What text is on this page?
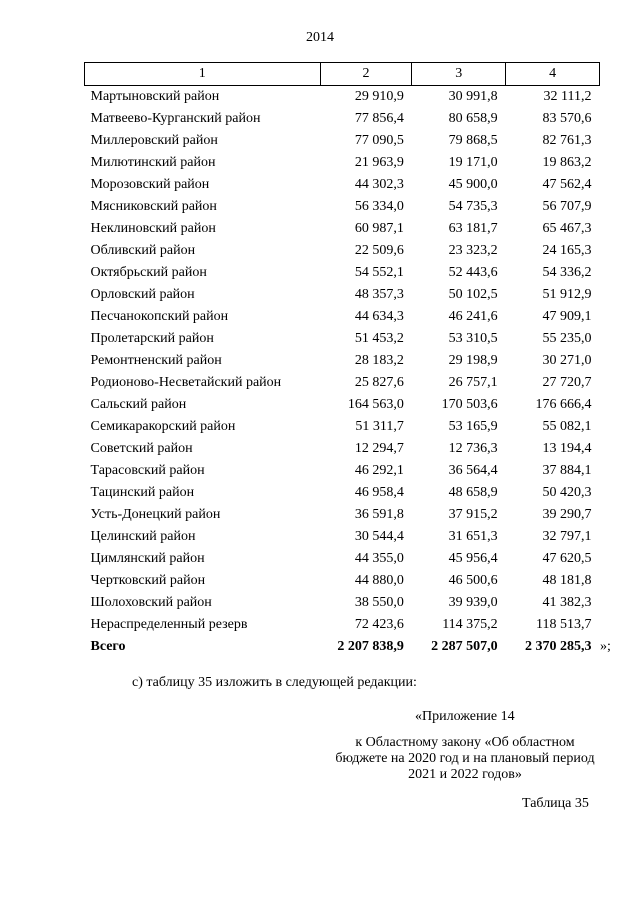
2014
1	2	3	4
Мартыновский район	29 910,9	30 991,8	32 111,2
Матвеево-Курганский район	77 856,4	80 658,9	83 570,6
Миллеровский район	77 090,5	79 868,5	82 761,3
Милютинский район	21 963,9	19 171,0	19 863,2
Морозовский район	44 302,3	45 900,0	47 562,4
Мясниковский район	56 334,0	54 735,3	56 707,9
Неклиновский район	60 987,1	63 181,7	65 467,3
Обливский район	22 509,6	23 323,2	24 165,3
Октябрьский район	54 552,1	52 443,6	54 336,2
Орловский район	48 357,3	50 102,5	51 912,9
Песчанокопский район	44 634,3	46 241,6	47 909,1
Пролетарский район	51 453,2	53 310,5	55 235,0
Ремонтненский район	28 183,2	29 198,9	30 271,0
Родионово-Несветайский район	25 827,6	26 757,1	27 720,7
Сальский район	164 563,0	170 503,6	176 666,4
Семикаракорский район	51 311,7	53 165,9	55 082,1
Советский район	12 294,7	12 736,3	13 194,4
Тарасовский район	46 292,1	36 564,4	37 884,1
Тацинский район	46 958,4	48 658,9	50 420,3
Усть-Донецкий район	36 591,8	37 915,2	39 290,7
Целинский район	30 544,4	31 651,3	32 797,1
Цимлянский район	44 355,0	45 956,4	47 620,5
Чертковский район	44 880,0	46 500,6	48 181,8
Шолоховский район	38 550,0	39 939,0	41 382,3
Нераспределенный резерв	72 423,6	114 375,2	118 513,7
Всего	2 207 838,9	2 287 507,0	2 370 285,3 »;
с) таблицу 35 изложить в следующей редакции:
«Приложение 14
к Областному закону «Об областном бюджете на 2020 год и на плановый период 2021 и 2022 годов»
Таблица 35
